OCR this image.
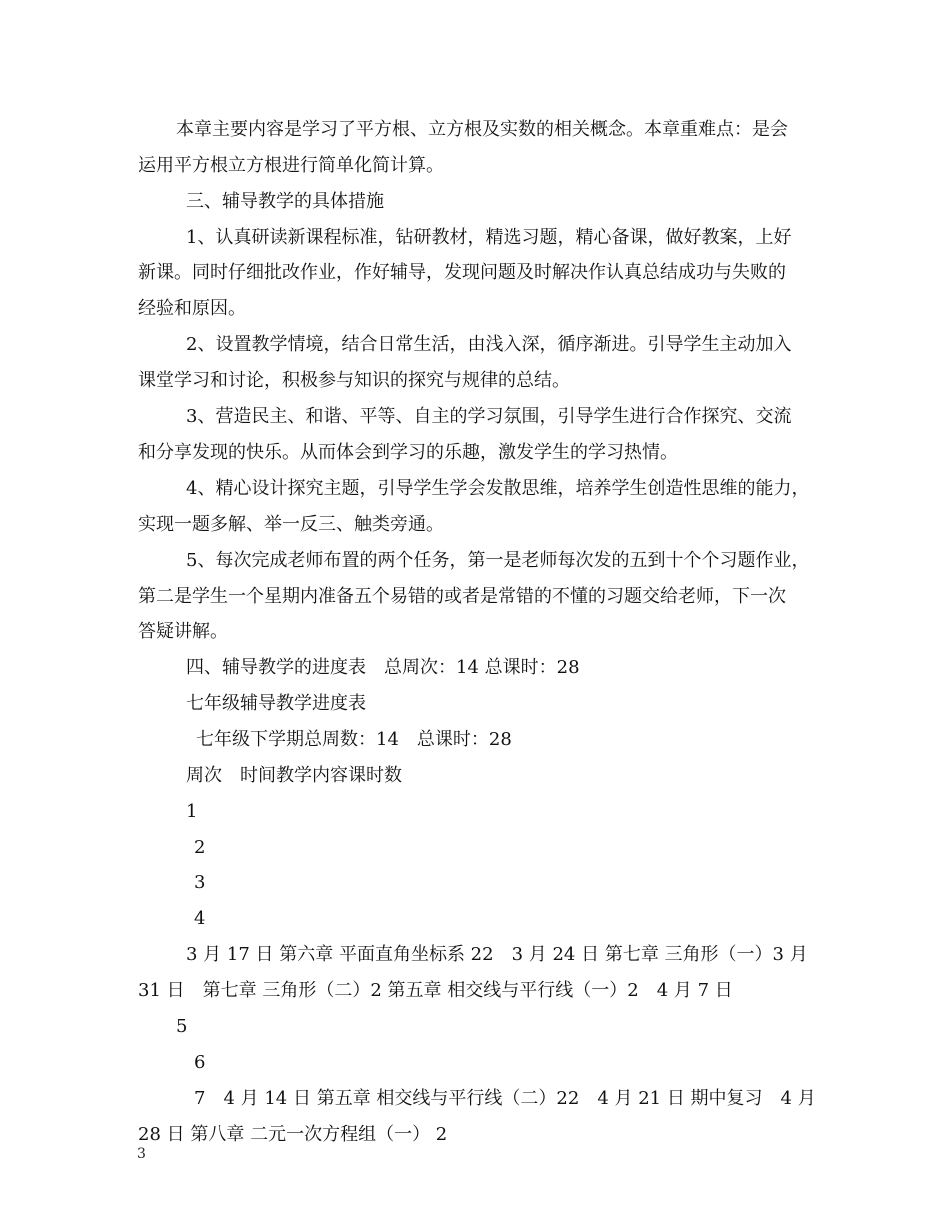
本章主要内容是学习了平方根、立方根及实数的相关概念。本章重难点：是会
运用平方根立方根进行简单化简计算。
三、辅导教学的具体措施
1、认真研读新课程标准，钻研教材，精选习题，精心备课，做好教案，上好
新课。同时仔细批改作业，作好辅导，发现问题及时解决作认真总结成功与失败的
经验和原因。
2、设置教学情境，结合日常生活，由浅入深，循序渐进。引导学生主动加入
课堂学习和讨论，积极参与知识的探究与规律的总结。
3、营造民主、和谐、平等、自主的学习氛围，引导学生进行合作探究、交流
和分享发现的快乐。从而体会到学习的乐趣，激发学生的学习热情。
4、精心设计探究主题，引导学生学会发散思维，培养学生创造性思维的能力，
实现一题多解、举一反三、触类旁通。
5、每次完成老师布置的两个任务，第一是老师每次发的五到十个个习题作业，
第二是学生一个星期内准备五个易错的或者是常错的不懂的习题交给老师，下一次
答疑讲解。
四、辅导教学的进度表　总周次：14 总课时：28
七年级辅导教学进度表
七年级下学期总周数：14　总课时：28
周次　时间教学内容课时数
1
2
3
4
3 月 17 日 第六章 平面直角坐标系 22　3 月 24 日 第七章 三角形（一）3 月
31 日　第七章 三角形（二）2 第五章 相交线与平行线（一）2　4 月 7 日
5
6
7　4 月 14 日 第五章 相交线与平行线（二）22　4 月 21 日 期中复习　4 月
28 日 第八章 二元一次方程组（一） 2
3
